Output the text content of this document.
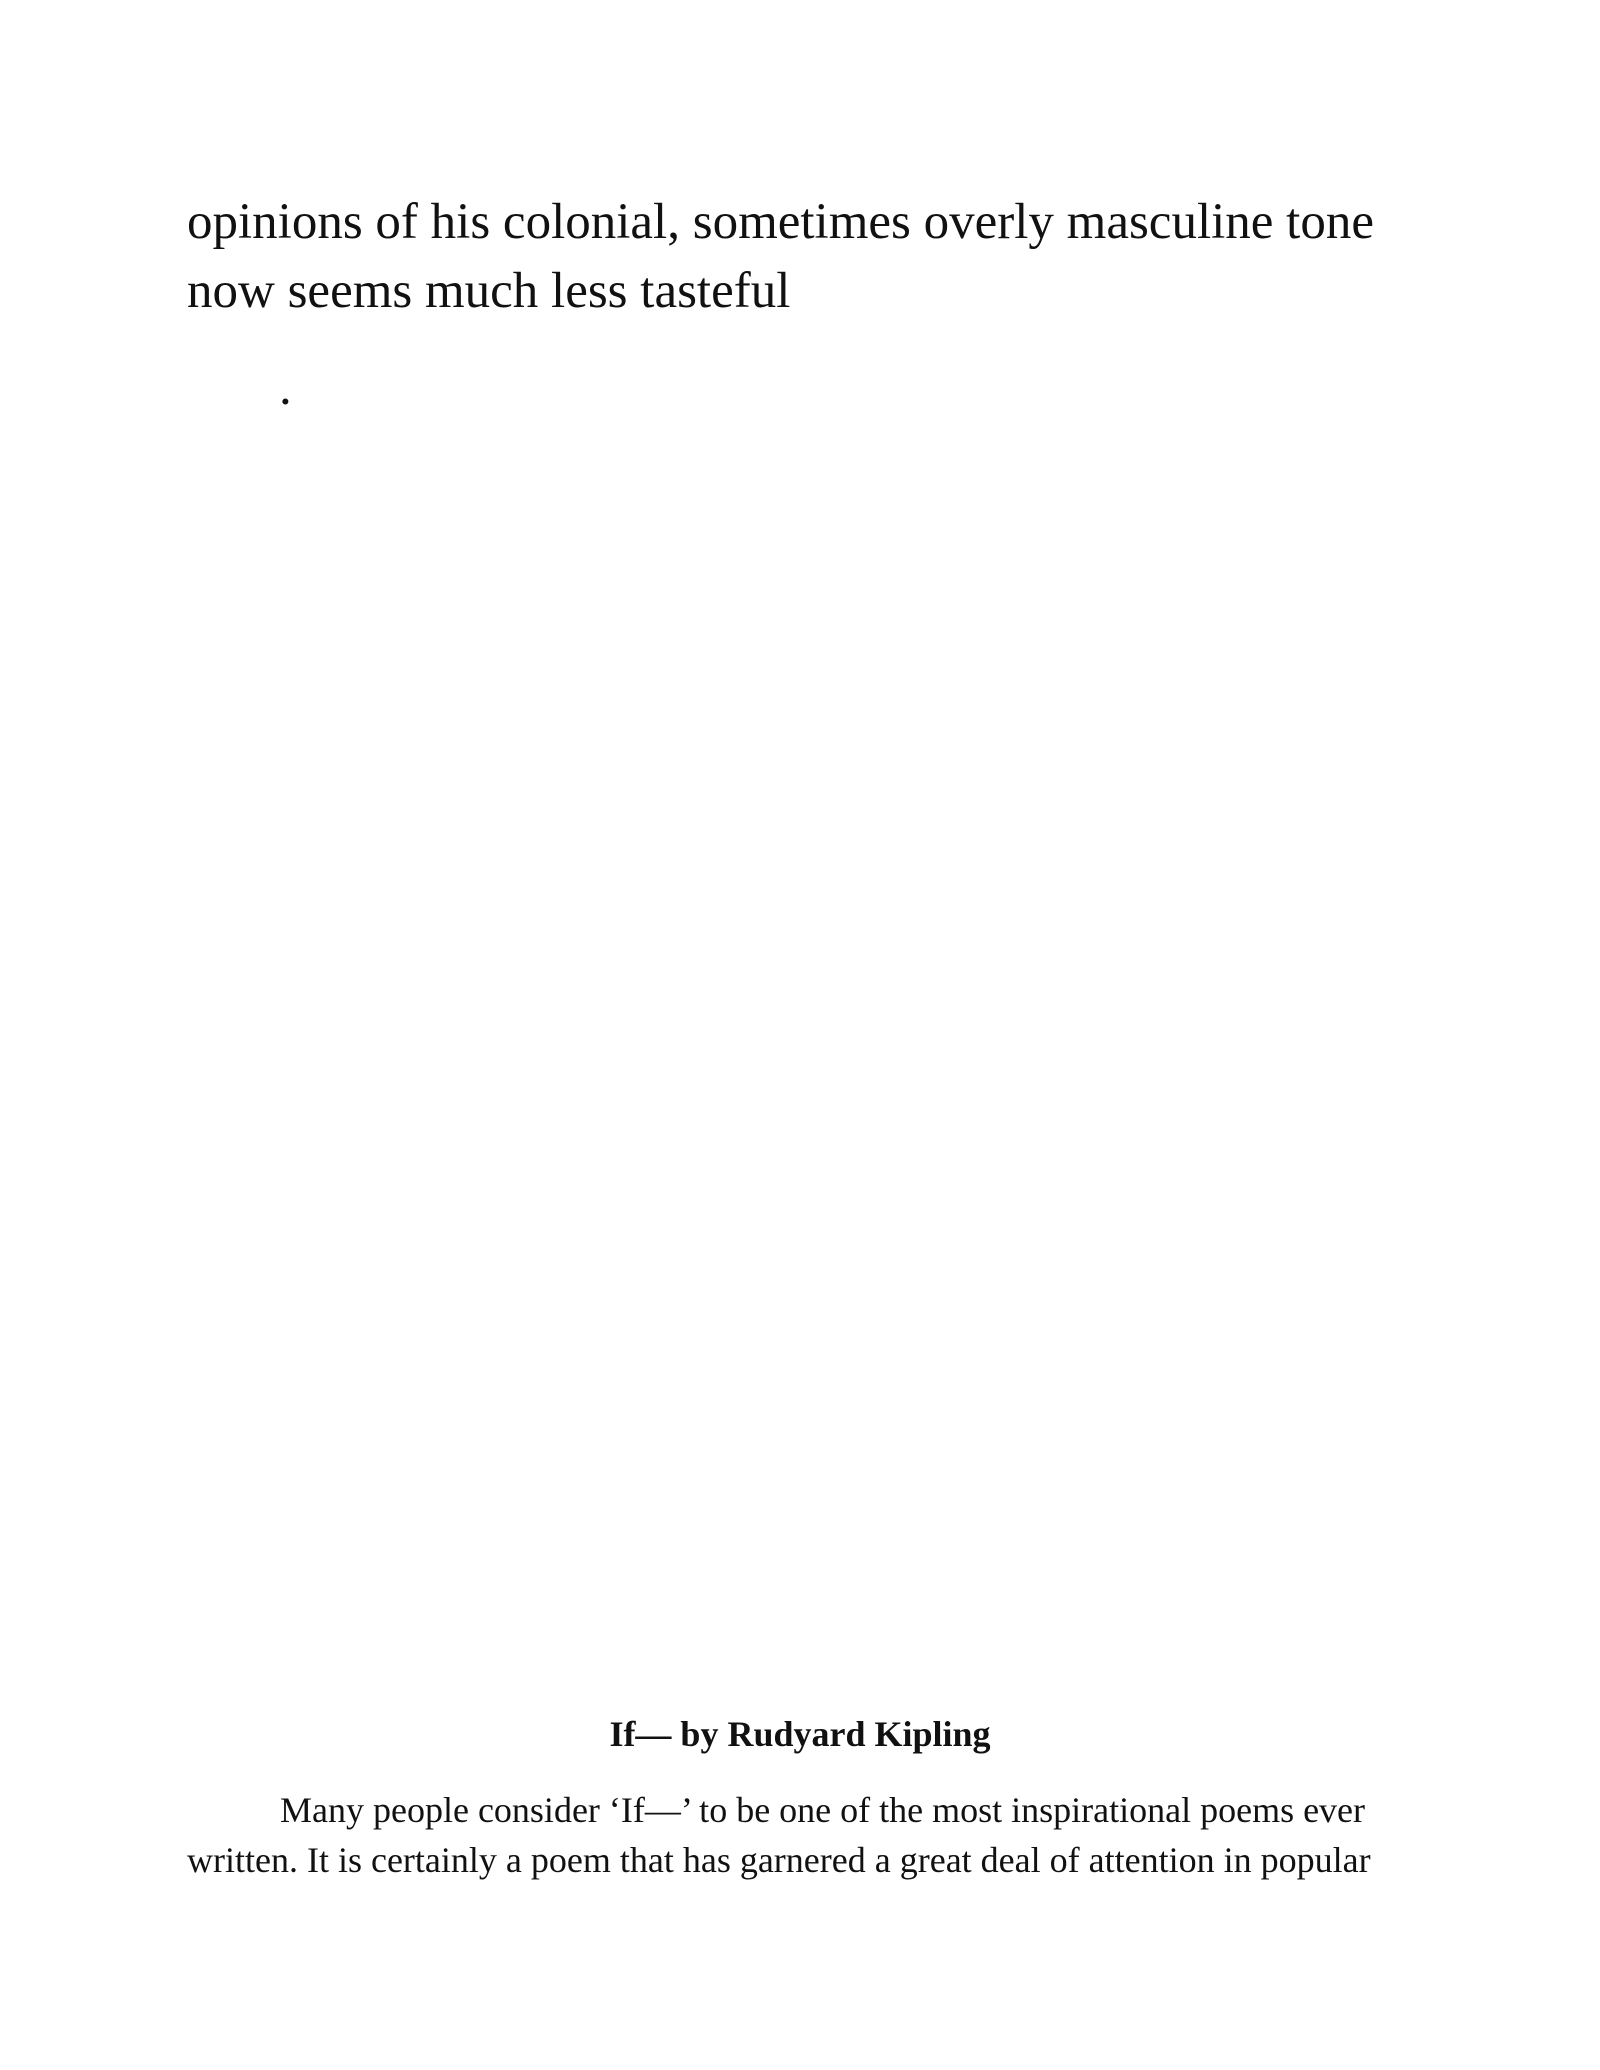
opinions of his colonial, sometimes overly masculine tone
now seems much less tasteful

.

If— by Rudyard Kipling

Many people consider ‘If—’ to be one of the most inspirational poems ever
written. It is certainly a poem that has garnered a great deal of attention in popular
